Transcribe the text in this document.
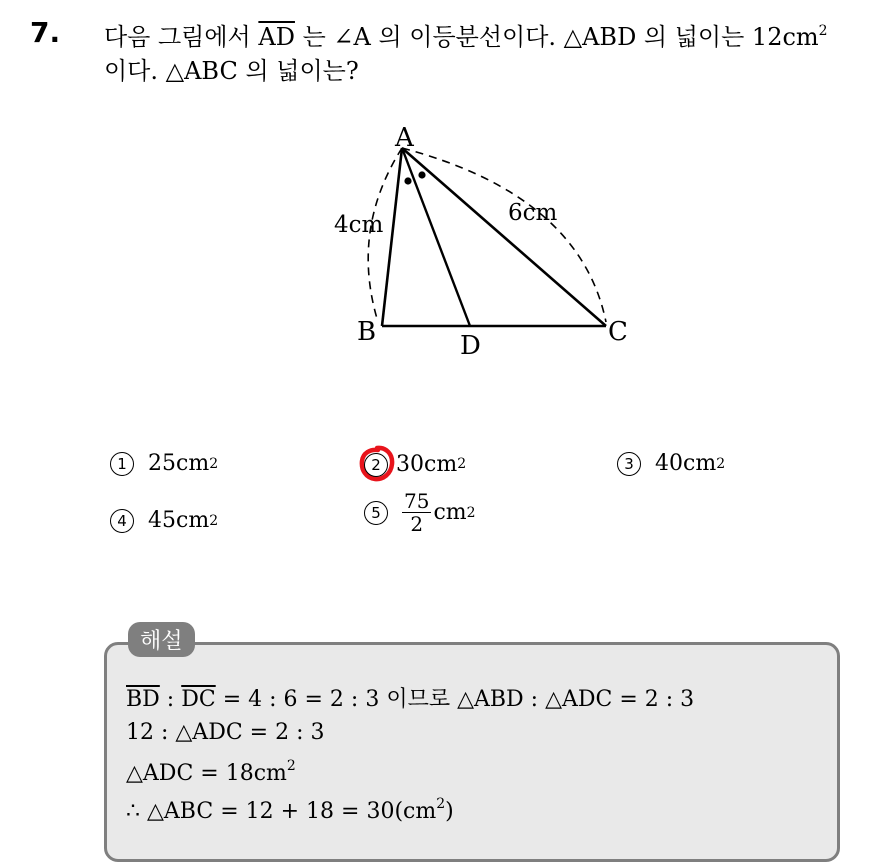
7. 다음 그림에서 $\overline{AD}$ 는 ∠A 의 이등분선이다. △ABD 의 넓이는 $12cm^2$
이다. △ABC 의 넓이는?
A
B	C
D
4cm	6cm
1 25cm 2	2 30cm 2	3 40cm 2
4 45cm 2	5	$\frac{75}{2}$ cm 2
해설
$\overline{BD}$ : $\overline{DC} = 4$ : 6 = 2 : 3 이므로 △ABD : △ADC = 2 : 3
12 : △ADC = 2 : 3
△ADC = $18cm^2$
∴ △ABC = $12 + 18 = 30(cm^2)$
